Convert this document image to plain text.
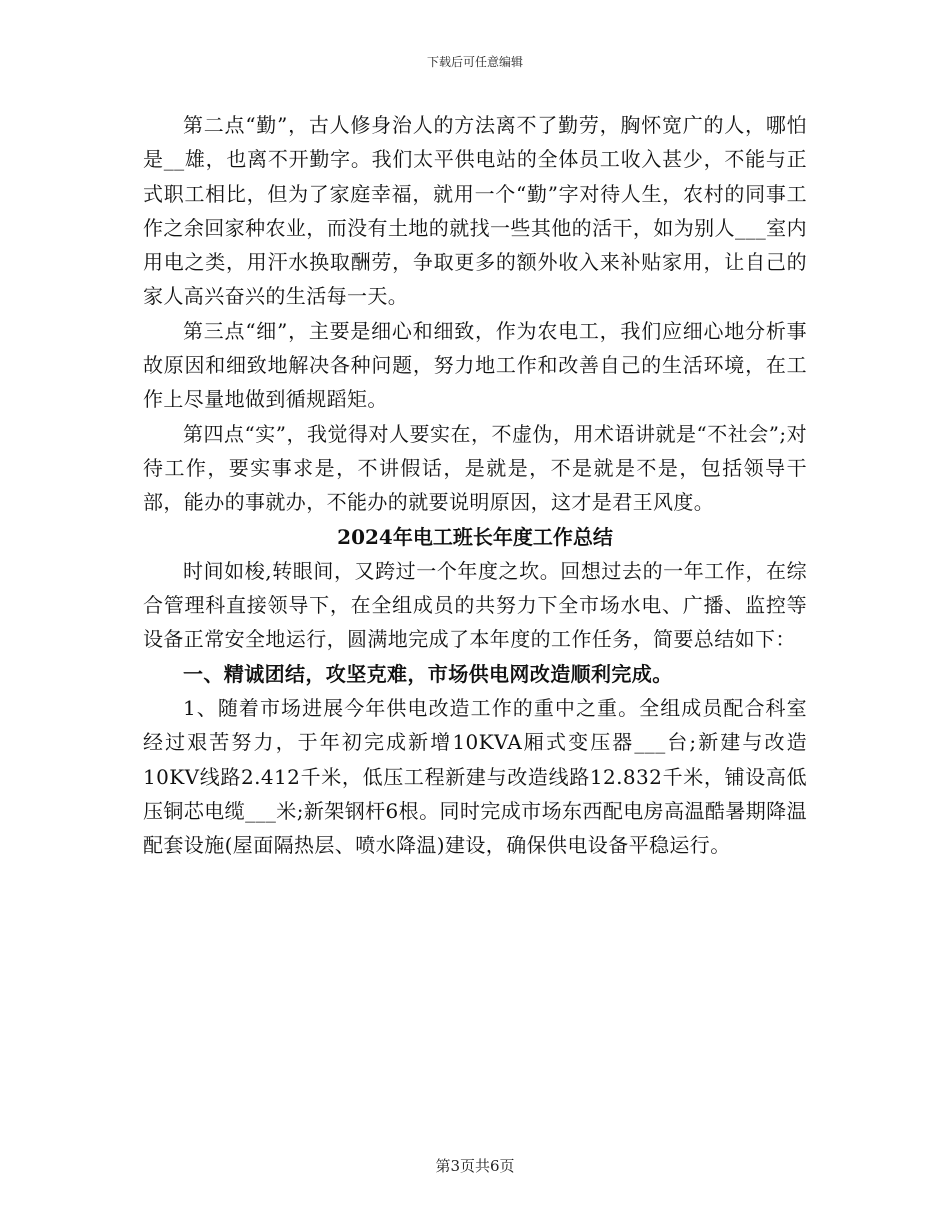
下载后可任意编辑

第二点“勤”，古人修身治人的方法离不了勤劳，胸怀宽广的人，哪怕是__雄，也离不开勤字。我们太平供电站的全体员工收入甚少，不能与正式职工相比，但为了家庭幸福，就用一个“勤”字对待人生，农村的同事工作之余回家种农业，而没有土地的就找一些其他的活干，如为别人___室内用电之类，用汗水换取酬劳，争取更多的额外收入来补贴家用，让自己的家人高兴奋兴的生活每一天。

第三点“细”，主要是细心和细致，作为农电工，我们应细心地分析事故原因和细致地解决各种问题，努力地工作和改善自己的生活环境，在工作上尽量地做到循规蹈矩。

第四点“实”，我觉得对人要实在，不虚伪，用术语讲就是“不社会”;对待工作，要实事求是，不讲假话，是就是，不是就是不是，包括领导干部，能办的事就办，不能办的就要说明原因，这才是君王风度。

2024年电工班长年度工作总结

时间如梭,转眼间，又跨过一个年度之坎。回想过去的一年工作，在综合管理科直接领导下，在全组成员的共努力下全市场水电、广播、监控等设备正常安全地运行，圆满地完成了本年度的工作任务，简要总结如下：

一、精诚团结，攻坚克难，市场供电网改造顺利完成。

1、随着市场进展今年供电改造工作的重中之重。全组成员配合科室经过艰苦努力，于年初完成新增10KVA厢式变压器___台;新建与改造10KV线路2.412千米，低压工程新建与改造线路12.832千米，铺设高低压铜芯电缆___米;新架钢杆6根。同时完成市场东西配电房高温酷暑期降温配套设施(屋面隔热层、喷水降温)建设，确保供电设备平稳运行。

第3页共6页
